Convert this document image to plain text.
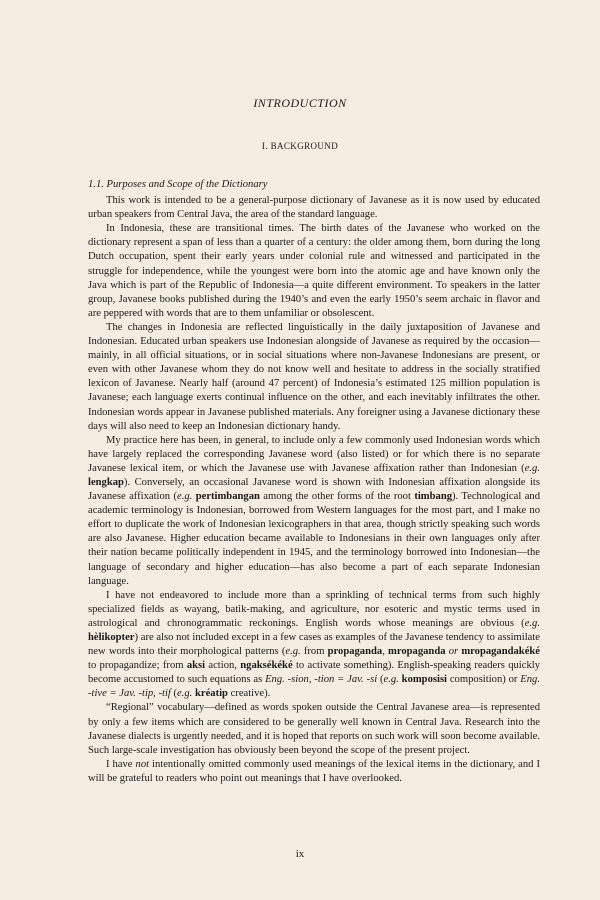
INTRODUCTION
I. BACKGROUND
1.1. Purposes and Scope of the Dictionary

This work is intended to be a general-purpose dictionary of Javanese as it is now used by educated urban speakers from Central Java, the area of the standard language.

In Indonesia, these are transitional times. The birth dates of the Javanese who worked on the dictionary represent a span of less than a quarter of a century: the older among them, born during the long Dutch occupation, spent their early years under colonial rule and witnessed and participated in the struggle for independence, while the youngest were born into the atomic age and have known only the Java which is part of the Republic of Indonesia—a quite different environment. To speakers in the latter group, Javanese books published during the 1940’s and even the early 1950’s seem archaic in flavor and are peppered with words that are to them unfamiliar or obsolescent.

The changes in Indonesia are reflected linguistically in the daily juxtaposition of Javanese and Indonesian. Educated urban speakers use Indonesian alongside of Javanese as required by the occasion—mainly, in all official situations, or in social situations where non-Javanese Indonesians are present, or even with other Javanese whom they do not know well and hesitate to address in the socially stratified lexicon of Javanese. Nearly half (around 47 percent) of Indonesia’s estimated 125 million population is Javanese; each language exerts continual influence on the other, and each inevitably infiltrates the other. Indonesian words appear in Javanese published materials. Any foreigner using a Javanese dictionary these days will also need to keep an Indonesian dictionary handy.

My practice here has been, in general, to include only a few commonly used Indonesian words which have largely replaced the corresponding Javanese word (also listed) or for which there is no separate Javanese lexical item, or which the Javanese use with Javanese affixation rather than Indonesian (e.g. lengkap). Conversely, an occasional Javanese word is shown with Indonesian affixation alongside its Javanese affixation (e.g. pertimbangan among the other forms of the root timbang). Technological and academic terminology is Indonesian, borrowed from Western languages for the most part, and I make no effort to duplicate the work of Indonesian lexicographers in that area, though strictly speaking such words are also Javanese. Higher education became available to Indonesians in their own languages only after their nation became politically independent in 1945, and the terminology borrowed into Indonesian—the language of secondary and higher education—has also become a part of each separate Indonesian language.

I have not endeavored to include more than a sprinkling of technical terms from such highly specialized fields as wayang, batik-making, and agriculture, nor esoteric and mystic terms used in astrological and chronogrammatic reckonings. English words whose meanings are obvious (e.g. hèlikopter) are also not included except in a few cases as examples of the Javanese tendency to assimilate new words into their morphological patterns (e.g. from propaganda, mropaganda or mropagandakéké to propagandize; from aksi action, ngaksékéké to activate something). English-speaking readers quickly become accustomed to such equations as Eng. -sion, -tion = Jav. -si (e.g. komposisi composition) or Eng. -tive = Jav. -tip, -tif (e.g. kréatip creative).

“Regional” vocabulary—defined as words spoken outside the Central Javanese area—is represented by only a few items which are considered to be generally well known in Central Java. Research into the Javanese dialects is urgently needed, and it is hoped that reports on such work will soon become available. Such large-scale investigation has obviously been beyond the scope of the present project.

I have not intentionally omitted commonly used meanings of the lexical items in the dictionary, and I will be grateful to readers who point out meanings that I have overlooked.

ix
